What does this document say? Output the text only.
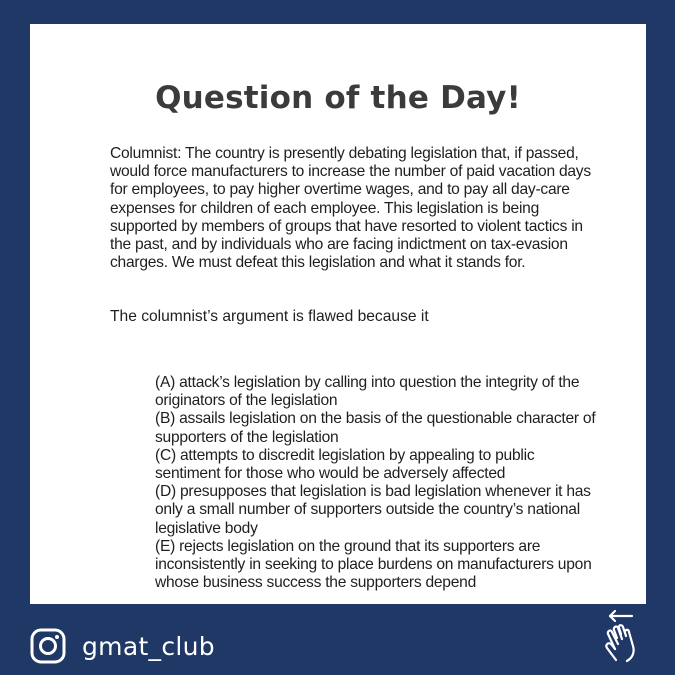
Question of the Day!
Columnist: The country is presently debating legislation that, if passed,
would force manufacturers to increase the number of paid vacation days
for employees, to pay higher overtime wages, and to pay all day-care
expenses for children of each employee. This legislation is being
supported by members of groups that have resorted to violent tactics in
the past, and by individuals who are facing indictment on tax-evasion
charges. We must defeat this legislation and what it stands for.
The columnist’s argument is flawed because it
(A) attack’s legislation by calling into question the integrity of the
originators of the legislation
(B) assails legislation on the basis of the questionable character of
supporters of the legislation
(C) attempts to discredit legislation by appealing to public
sentiment for those who would be adversely affected
(D) presupposes that legislation is bad legislation whenever it has
only a small number of supporters outside the country’s national
legislative body
(E) rejects legislation on the ground that its supporters are
inconsistently in seeking to place burdens on manufacturers upon
whose business success the supporters depend
gmat_club
